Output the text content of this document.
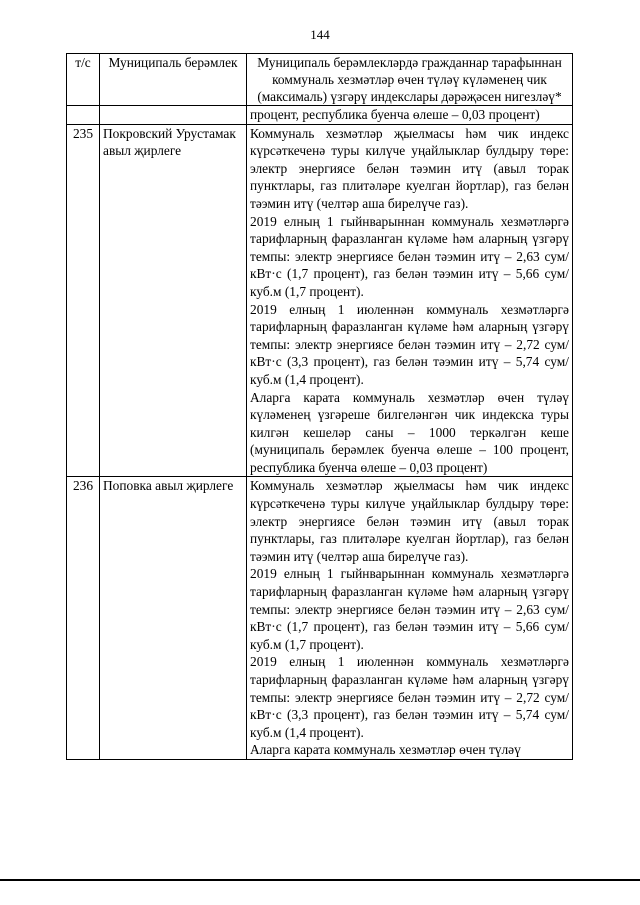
144
т/с	Муниципаль берәмлек	Муниципаль берәмлекләрдә гражданнар тарафыннан коммуналь хезмәтләр өчен түләү күләменең чик (максималь) үзгәрү индекслары дәрәҗәсен нигезләү*

		процент, республика буенча өлеше – 0,03 процент)

235	Покровский Урустамак авыл җирлеге	Коммуналь хезмәтләр җыелмасы һәм чик индекс күрсәткеченә туры килүче уңайлыклар булдыру төре: электр энергиясе белән тәэмин итү (авыл торак пунктлары, газ плитәләре куелган йортлар), газ белән тәэмин итү (челтәр аша бирелүче газ).

2019 елның 1 гыйнварыннан коммуналь хезмәтләргә тарифларның фаразланган күләме һәм аларның үзгәрү темпы: электр энергиясе белән тәэмин итү – 2,63 сум/кВт·с (1,7 процент), газ белән тәэмин итү – 5,66 сум/куб.м (1,7 процент).

2019 елның 1 июленнән коммуналь хезмәтләргә тарифларның фаразланган күләме һәм аларның үзгәрү темпы: электр энергиясе белән тәэмин итү – 2,72 сум/кВт·с (3,3 процент), газ белән тәэмин итү – 5,74 сум/куб.м (1,4 процент).

Аларга карата коммуналь хезмәтләр өчен түләү күләменең үзгәреше билгеләнгән чик индекска туры килгән кешеләр саны – 1000 теркәлгән кеше (муниципаль берәмлек буенча өлеше – 100 процент, республика буенча өлеше – 0,03 процент)

236	Поповка авыл җирлеге	Коммуналь хезмәтләр җыелмасы һәм чик индекс күрсәткеченә туры килүче уңайлыклар булдыру төре: электр энергиясе белән тәэмин итү (авыл торак пунктлары, газ плитәләре куелган йортлар), газ белән тәэмин итү (челтәр аша бирелүче газ).

2019 елның 1 гыйнварыннан коммуналь хезмәтләргә тарифларның фаразланган күләме һәм аларның үзгәрү темпы: электр энергиясе белән тәэмин итү – 2,63 сум/кВт·с (1,7 процент), газ белән тәэмин итү – 5,66 сум/куб.м (1,7 процент).

2019 елның 1 июленнән коммуналь хезмәтләргә тарифларның фаразланган күләме һәм аларның үзгәрү темпы: электр энергиясе белән тәэмин итү – 2,72 сум/кВт·с (3,3 процент), газ белән тәэмин итү – 5,74 сум/куб.м (1,4 процент).

Аларга карата коммуналь хезмәтләр өчен түләү
